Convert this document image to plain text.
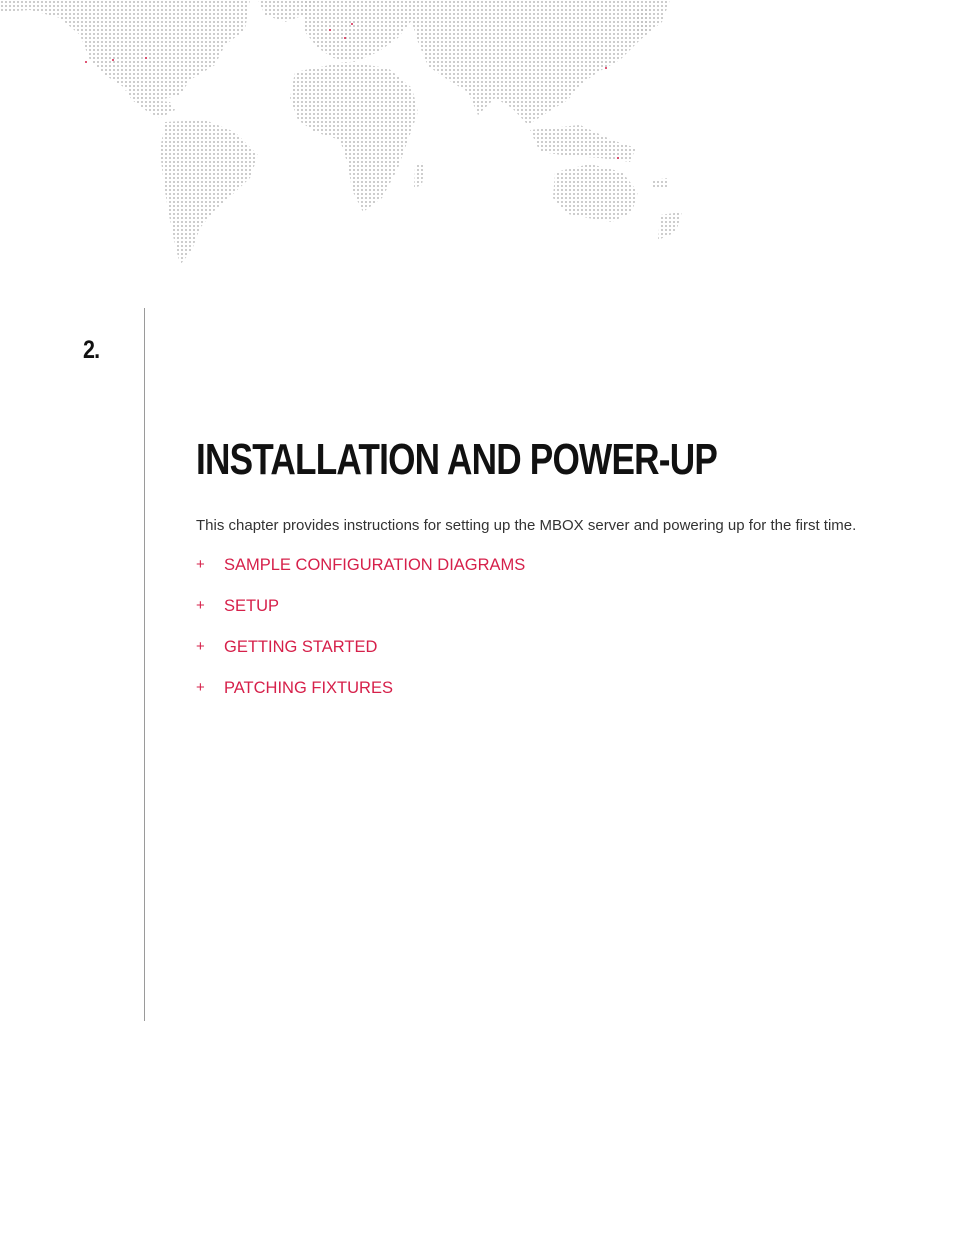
2.
INSTALLATION AND POWER-UP

This chapter provides instructions for setting up the MBOX server and powering up for the first time.

+	SAMPLE CONFIGURATION DIAGRAMS
+	SETUP
+	GETTING STARTED
+	PATCHING FIXTURES
